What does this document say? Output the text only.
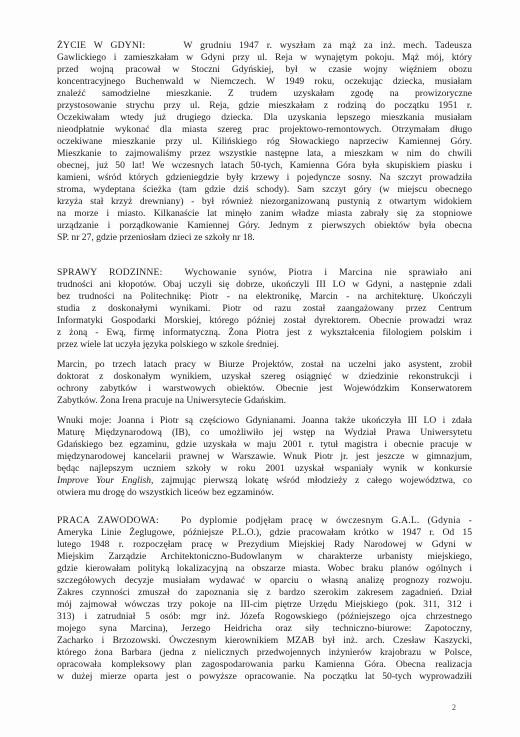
ŻYCIE W GDYNI:	W grudniu 1947 r. wyszłam za mąż za inż. mech. Tadeusza
Gawlickiego i zamieszkałam w Gdyni przy ul. Reja w wynajętym pokoju. Mąż mój, który
przed wojną pracował w Stoczni Gdyńskiej, był w czasie wojny więźniem obozu
koncentracyjnego Buchenwald w Niemczech. W 1949 roku, oczekując dziecka, musiałam
znaleźć samodzielne mieszkanie. Z trudem uzyskałam zgodę na prowizoryczne
przystosowanie strychu przy ul. Reja, gdzie mieszkałam z rodziną do początku 1951 r.
Oczekiwałam wtedy już drugiego dziecka. Dla uzyskania lepszego mieszkania musiałam
nieodpłatnie wykonać dla miasta szereg prac projektowo-remontowych. Otrzymałam długo
oczekiwane mieszkanie przy ul. Kilińskiego róg Słowackiego naprzeciw Kamiennej Góry.
Mieszkanie to zajmowaliśmy przez wszystkie następne lata, a mieszkam w nim do chwili
obecnej, już 50 lat! We wczesnych latach 50-tych, Kamienna Góra była skupiskiem piasku i
kamieni, wśród których gdzieniegdzie były krzewy i pojedyncze sosny. Na szczyt prowadziła
stroma, wydeptana ścieżka (tam gdzie dziś schody). Sam szczyt góry (w miejscu obecnego
krzyża stał krzyż drewniany) - był również niezorganizowaną pustynią z otwartym widokiem
na morze i miasto. Kilkanaście lat minęło zanim władze miasta zabrały się za stopniowe
urządzanie i porządkowanie Kamiennej Góry. Jednym z pierwszych obiektów była obecna
SP. nr 27, gdzie przeniosłam dzieci ze szkoły nr 18.
SPRAWY RODZINNE: Wychowanie synów, Piotra i Marcina nie sprawiało ani
trudności ani kłopotów. Obaj uczyli się dobrze, ukończyli III LO w Gdyni, a następnie zdali
bez trudności na Politechnikę: Piotr - na elektronikę, Marcin - na architekturę. Ukończyli
studia z doskonałymi wynikami. Piotr od razu został zaangażowany przez Centrum
Informatyki Gospodarki Morskiej, którego później został dyrektorem. Obecnie prowadzi wraz
z żoną - Ewą, firmę informatyczną. Żona Piotra jest z wykształcenia filologiem polskim i
przez wiele lat uczyła języka polskiego w szkole średniej.
Marcin, po trzech latach pracy w Biurze Projektów, został na uczelni jako asystent, zrobił
doktorat z doskonałym wynikiem, uzyskał szereg osiągnięć w dziedzinie rekonstrukcji i
ochrony zabytków i warstwowych obiektów. Obecnie jest Wojewódzkim Konserwatorem
Zabytków. Żona Irena pracuje na Uniwersytecie Gdańskim.
Wnuki moje: Joanna i Piotr są częściowo Gdynianami. Joanna także ukończyła III LO i zdała
Maturę Międzynarodową (IB), co umożliwiło jej wstęp na Wydział Prawa Uniwersytetu
Gdańskiego bez egzaminu, gdzie uzyskała w maju 2001 r. tytuł magistra i obecnie pracuje w
międzynarodowej kancelarii prawnej w Warszawie. Wnuk Piotr jr. jest jeszcze w gimnazjum,
będąc najlepszym uczniem szkoły w roku 2001 uzyskał wspaniały wynik w konkursie
Improve Your English, zajmując pierwszą lokatę wśród młodzieży z całego województwa, co
otwiera mu drogę do wszystkich liceów bez egzaminów.
PRACA ZAWODOWA: Po dyplomie podjęłam pracę w ówczesnym G.A.L. (Gdynia -
Ameryka Linie Żeglugowe, późniejsze P.L.O.), gdzie pracowałam krótko w 1947 r. Od 15
lutego 1948 r. rozpoczęłam pracę w Prezydium Miejskiej Rady Narodowej w Gdyni w
Miejskim Zarządzie Architektoniczno-Budowlanym w charakterze urbanisty miejskiego,
gdzie kierowałam polityką lokalizacyjną na obszarze miasta. Wobec braku planów ogólnych i
szczegółowych decyzje musiałam wydawać w oparciu o własną analizę prognozy rozwoju.
Zakres czynności zmuszał do zapoznania się z bardzo szerokim zakresem zagadnień. Dział
mój zajmował wówczas trzy pokoje na III-cim piętrze Urzędu Miejskiego (pok. 311, 312 i
313) i zatrudniał 5 osób: mgr inż. Józefa Rogowskiego (późniejszego ojca chrzestnego
mojego syna Marcina), Jerzego Heidricha oraz siły techniczno-biurowe: Zapotoczny,
Zacharko i Brzozowski. Ówczesnym kierownikiem MZAB był inż. arch. Czesław Kaszycki,
którego żona Barbara (jedna z nielicznych przedwojennych inżynierów krajobrazu w Polsce,
opracowała kompleksowy plan zagospodarowania parku Kamienna Góra. Obecna realizacja
w dużej mierze oparta jest o powyższe opracowanie. Na początku lat 50-tych wyprowadziłi
2
